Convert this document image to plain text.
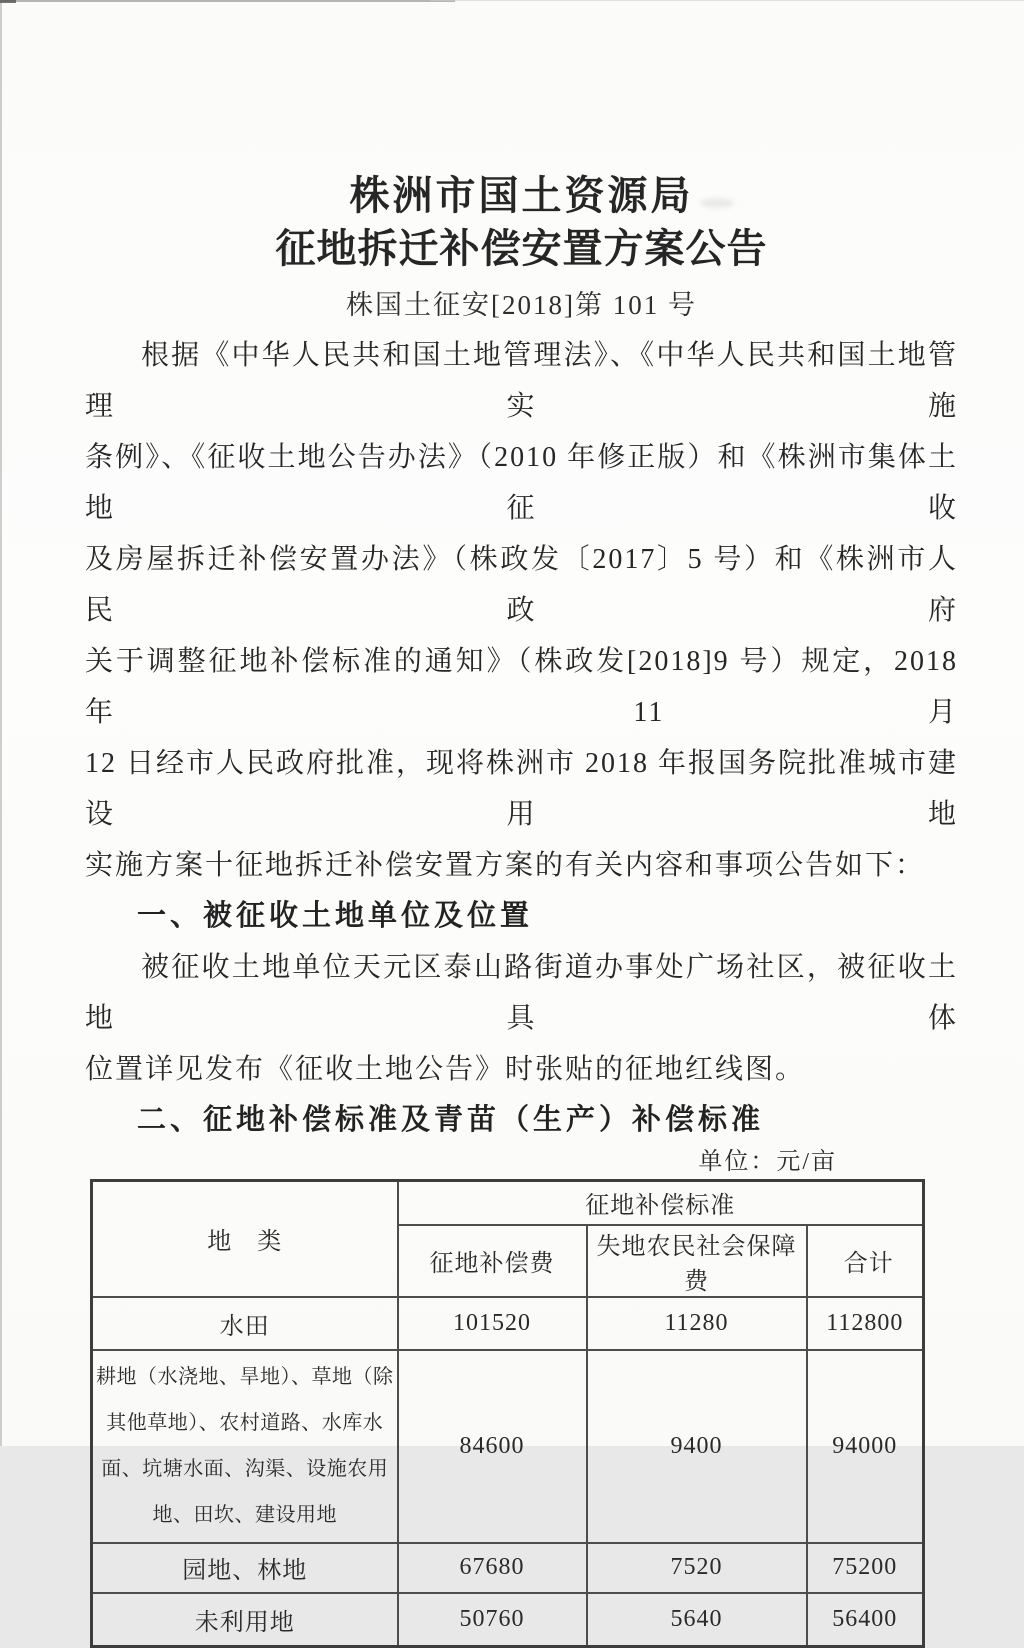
株洲市国土资源局
征地拆迁补偿安置方案公告
株国土征安[2018]第 101 号
根据《中华人民共和国土地管理法》、《中华人民共和国土地管理实施
条例》、《征收土地公告办法》（2010 年修正版）和《株洲市集体土地征收
及房屋拆迁补偿安置办法》（株政发〔2017〕5 号）和《株洲市人民政府
关于调整征地补偿标准的通知》（株政发[2018]9 号）规定，2018 年 11 月
12 日经市人民政府批准，现将株洲市 2018 年报国务院批准城市建设用地
实施方案十征地拆迁补偿安置方案的有关内容和事项公告如下：
一、被征收土地单位及位置
被征收土地单位天元区泰山路街道办事处广场社区，被征收土地具体
位置详见发布《征收土地公告》时张贴的征地红线图。
二、征地补偿标准及青苗（生产）补偿标准
单位：元/亩
地　类	征地补偿标准		
	征地补偿费	失地农民社会保障费	合计
水田	101520	11280	112800

耕地（水浇地、旱地）、草地（除
其他草地）、农村道路、水库水
面、坑塘水面、沟渠、设施农用
地、田坎、建设用地	84600	9400	94000
园地、林地	67680	7520	75200
未利用地	50760	5640	56400
